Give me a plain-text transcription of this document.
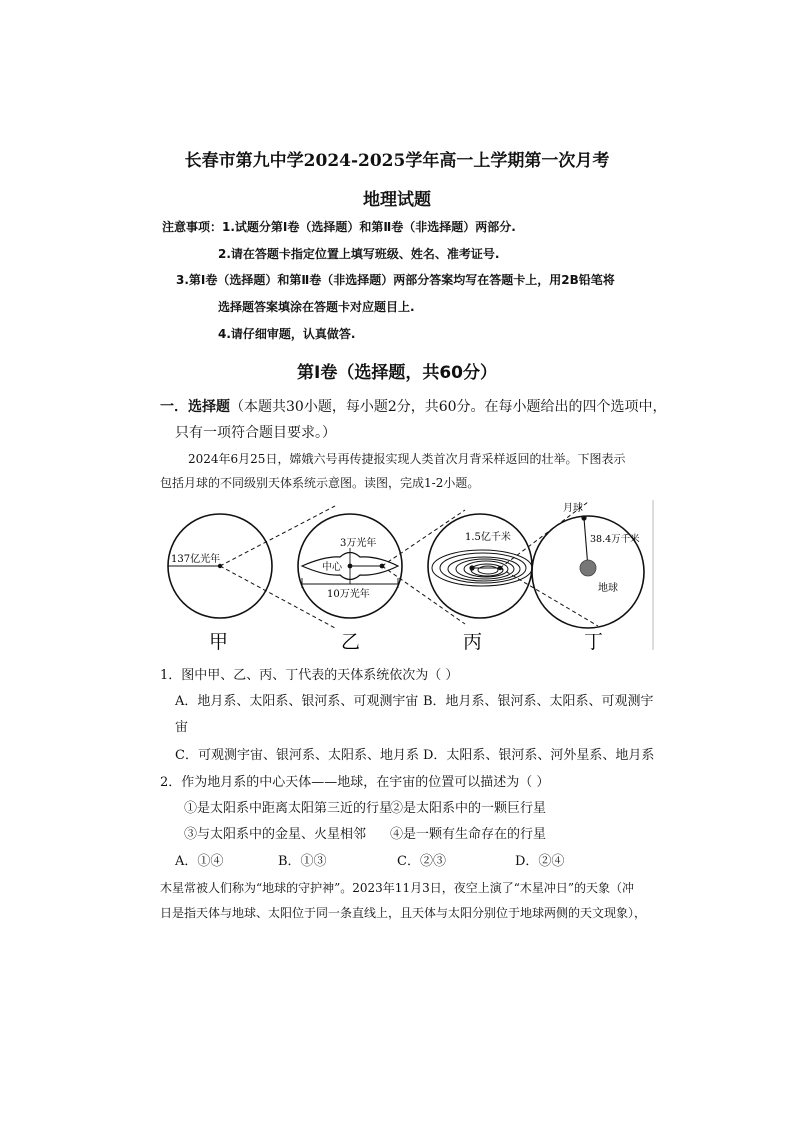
长春市第九中学2024-2025学年高一上学期第一次月考
地理试题
注意事项：1.试题分第Ⅰ卷（选择题）和第Ⅱ卷（非选择题）两部分.
2.请在答题卡指定位置上填写班级、姓名、准考证号.
3.第Ⅰ卷（选择题）和第Ⅱ卷（非选择题）两部分答案均写在答题卡上，用2B铅笔将
选择题答案填涂在答题卡对应题目上.
4.请仔细审题，认真做答.
第Ⅰ卷（选择题，共60分）
一．选择题（本题共30小题，每小题2分，共60分。在每小题给出的四个选项中，
只有一项符合题目要求。）
2024年6月25日，嫦娥六号再传捷报实现人类首次月背采样返回的壮举。下图表示
包括月球的不同级别天体系统示意图。读图，完成1-2小题。
137亿光年
3万光年
中心
10万光年
1.5亿千米
月球
38.4万千米
地球
甲	乙	丙	丁
1．图中甲、乙、丙、丁代表的天体系统依次为（ ）
A．地月系、太阳系、银河系、可观测宇宙 B．地月系、银河系、太阳系、可观测宇
宙
C．可观测宇宙、银河系、太阳系、地月系 D．太阳系、银河系、河外星系、地月系
2．作为地月系的中心天体——地球，在宇宙的位置可以描述为（ ）
①是太阳系中距离太阳第三近的行星
②是太阳系中的一颗巨行星
③与太阳系中的金星、火星相邻 ④是一颗有生命存在的行星
A．①④	B．①③	C．②③	D．②④
木星常被人们称为“地球的守护神”。2023年11月3日，夜空上演了“木星冲日”的天象（冲
日是指天体与地球、太阳位于同一条直线上，且天体与太阳分别位于地球两侧的天文现象），
